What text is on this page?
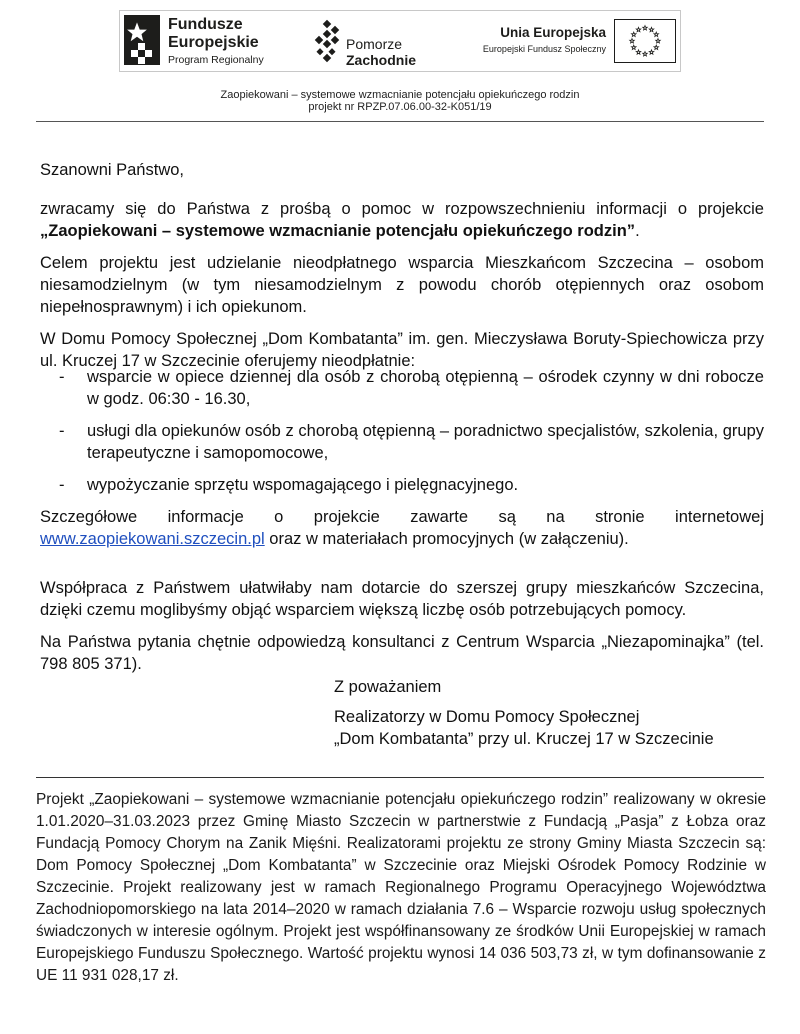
Fundusze
Europejskie
Program Regionalny
Pomorze
Zachodnie
Unia Europejska
Europejski Fundusz Społeczny
Zaopiekowani – systemowe wzmacnianie potencjału opiekuńczego rodzin
projekt nr RPZP.07.06.00-32-K051/19

Szanowni Państwo,

zwracamy się do Państwa z prośbą o pomoc w rozpowszechnieniu informacji o projekcie „Zaopiekowani – systemowe wzmacnianie potencjału opiekuńczego rodzin”.

Celem projektu jest udzielanie nieodpłatnego wsparcia Mieszkańcom Szczecina – osobom niesamodzielnym (w tym niesamodzielnym z powodu chorób otępiennych oraz osobom niepełnosprawnym) i ich opiekunom.

W Domu Pomocy Społecznej „Dom Kombatanta” im. gen. Mieczysława Boruty-Spiechowicza przy ul. Kruczej 17 w Szczecinie oferujemy nieodpłatnie:

- wsparcie w opiece dziennej dla osób z chorobą otępienną – ośrodek czynny w dni robocze w godz. 06:30 - 16.30,
- usługi dla opiekunów osób z chorobą otępienną – poradnictwo specjalistów, szkolenia, grupy terapeutyczne i samopomocowe,
- wypożyczanie sprzętu wspomagającego i pielęgnacyjnego.
Szczegółowe informacje o projekcie zawarte są na stronie internetowej
www.zaopiekowani.szczecin.pl oraz w materiałach promocyjnych (w załączeniu).

Współpraca z Państwem ułatwiłaby nam dotarcie do szerszej grupy mieszkańców Szczecina, dzięki czemu moglibyśmy objąć wsparciem większą liczbę osób potrzebujących pomocy.

Na Państwa pytania chętnie odpowiedzą konsultanci z Centrum Wsparcia „Niezapominajka” (tel. 798 805 371).

Z poważaniem
Realizatorzy w Domu Pomocy Społecznej
„Dom Kombatanta” przy ul. Kruczej 17 w Szczecinie

Projekt „Zaopiekowani – systemowe wzmacnianie potencjału opiekuńczego rodzin” realizowany w okresie 1.01.2020–31.03.2023 przez Gminę Miasto Szczecin w partnerstwie z Fundacją „Pasja” z Łobza oraz Fundacją Pomocy Chorym na Zanik Mięśni. Realizatorami projektu ze strony Gminy Miasta Szczecin są: Dom Pomocy Społecznej „Dom Kombatanta” w Szczecinie oraz Miejski Ośrodek Pomocy Rodzinie w Szczecinie. Projekt realizowany jest w ramach Regionalnego Programu Operacyjnego Województwa Zachodniopomorskiego na lata 2014–2020 w ramach działania 7.6 – Wsparcie rozwoju usług społecznych świadczonych w interesie ogólnym. Projekt jest współfinansowany ze środków Unii Europejskiej w ramach Europejskiego Funduszu Społecznego. Wartość projektu wynosi 14 036 503,73 zł, w tym dofinansowanie z UE 11 931 028,17 zł.
